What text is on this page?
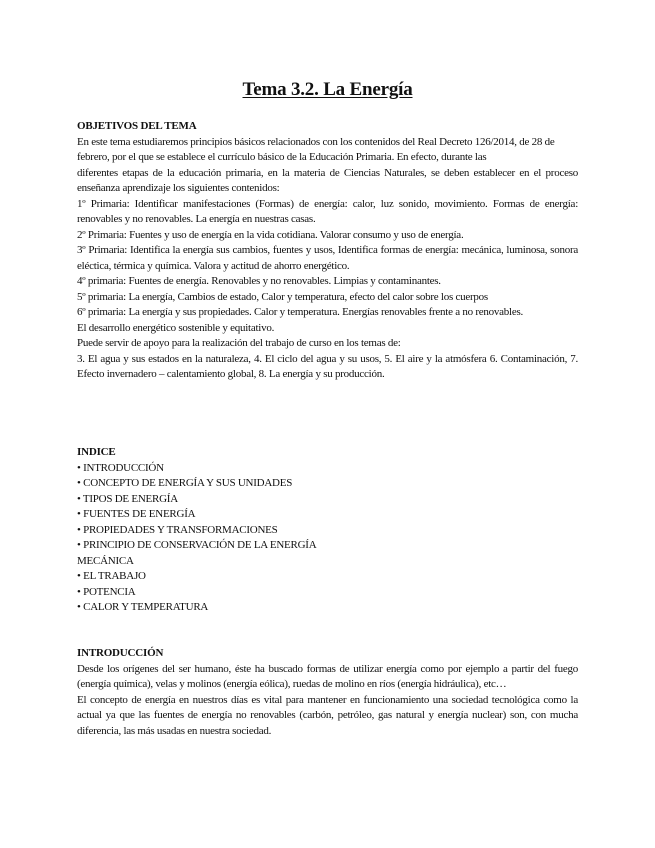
Tema 3.2. La Energía
OBJETIVOS DEL TEMA

En este tema estudiaremos principios básicos relacionados con los contenidos del Real Decreto 126/2014, de 28 de febrero, por el que se establece el currículo básico de la Educación Primaria. En efecto, durante las

diferentes etapas de la educación primaria, en la materia de Ciencias Naturales, se deben establecer en el proceso enseñanza aprendizaje los siguientes contenidos:

1º Primaria: Identificar manifestaciones (Formas) de energía: calor, luz sonido, movimiento. Formas de energía: renovables y no renovables. La energía en nuestras casas.

2º Primaria: Fuentes y uso de energía en la vida cotidiana. Valorar consumo y uso de energía.

3º Primaria: Identifica la energía sus cambios, fuentes y usos, Identifica formas de energía: mecánica, luminosa, sonora eléctica, térmica y química. Valora y actitud de ahorro energético.

4º primaria: Fuentes de energía. Renovables y no renovables. Limpias y contaminantes.

5º primaria: La energía, Cambios de estado, Calor y temperatura, efecto del calor sobre los cuerpos

6º primaria: La energía y sus propiedades. Calor y temperatura. Energías renovables frente a no renovables.

El desarrollo energético sostenible y equitativo.

Puede servir de apoyo para la realización del trabajo de curso en los temas de:

3. El agua y sus estados en la naturaleza, 4. El ciclo del agua y su usos, 5. El aire y la atmósfera 6. Contaminación, 7. Efecto invernadero – calentamiento global, 8. La energía y su producción.

INDICE
• INTRODUCCIÓN
• CONCEPTO DE ENERGÍA Y SUS UNIDADES
• TIPOS DE ENERGÍA
• FUENTES DE ENERGÍA
• PROPIEDADES Y TRANSFORMACIONES
• PRINCIPIO DE CONSERVACIÓN DE LA ENERGÍA
MECÁNICA
• EL TRABAJO
• POTENCIA
• CALOR Y TEMPERATURA
INTRODUCCIÓN

Desde los orígenes del ser humano, éste ha buscado formas de utilizar energía como por ejemplo a partir del fuego (energía química), velas y molinos (energía eólica), ruedas de molino en ríos (energía hidráulica), etc…

El concepto de energía en nuestros días es vital para mantener en funcionamiento una sociedad tecnológica como la actual ya que las fuentes de energía no renovables (carbón, petróleo, gas natural y energía nuclear) son, con mucha diferencia, las más usadas en nuestra sociedad.
